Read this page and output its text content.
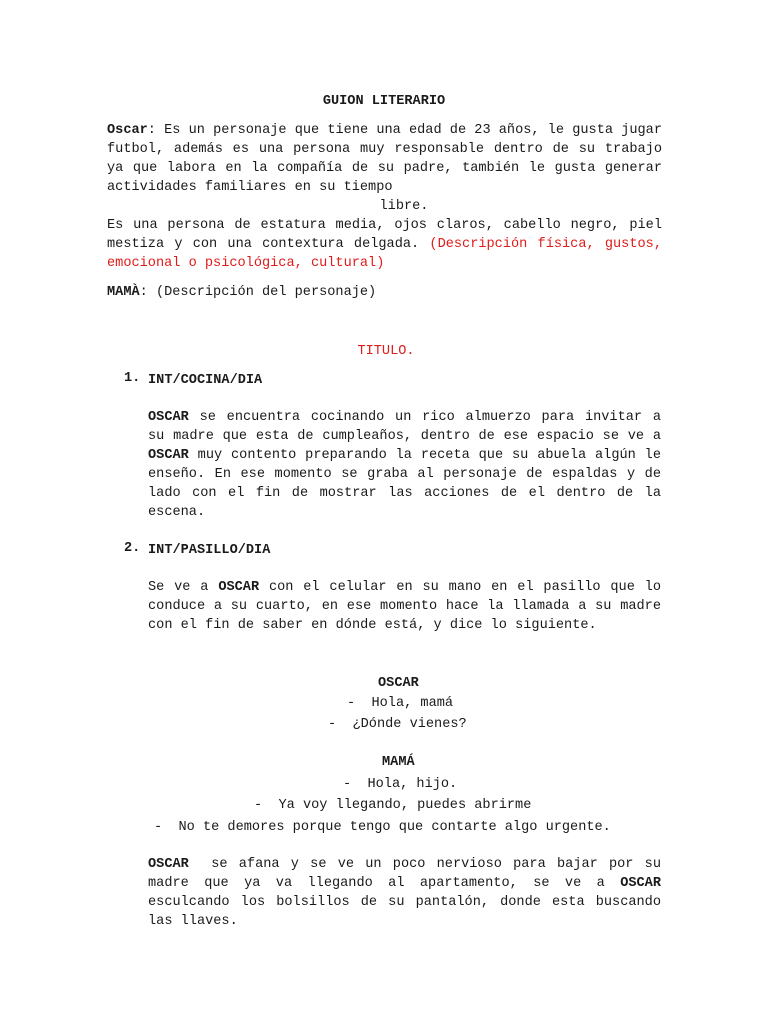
GUION LITERARIO
Oscar: Es un personaje que tiene una edad de 23 años, le gusta jugar futbol, además es una persona muy responsable dentro de su trabajo ya que labora en la compañía de su padre, también le gusta generar actividades familiares en su tiempo
libre.
Es una persona de estatura media, ojos claros, cabello negro, piel mestiza y con una contextura delgada. (Descripción física, gustos, emocional o psicológica, cultural)
MAMÀ: (Descripción del personaje)
TITULO.
1. INT/COCINA/DIA
OSCAR se encuentra cocinando un rico almuerzo para invitar a su madre que esta de cumpleaños, dentro de ese espacio se ve a OSCAR muy contento preparando la receta que su abuela algún le enseño. En ese momento se graba al personaje de espaldas y de lado con el fin de mostrar las acciones de el dentro de la escena.
2. INT/PASILLO/DIA
Se ve a OSCAR con el celular en su mano en el pasillo que lo conduce a su cuarto, en ese momento hace la llamada a su madre con el fin de saber en dónde está, y dice lo siguiente.
OSCAR
-  Hola, mamá
-  ¿Dónde vienes?
MAMÁ
-  Hola, hijo.
-  Ya voy llegando, puedes abrirme
-  No te demores porque tengo que contarte algo urgente.
OSCAR  se afana y se ve un poco nervioso para bajar por su madre que ya va llegando al apartamento, se ve a OSCAR esculcando los bolsillos de su pantalón, donde esta buscando las llaves.
